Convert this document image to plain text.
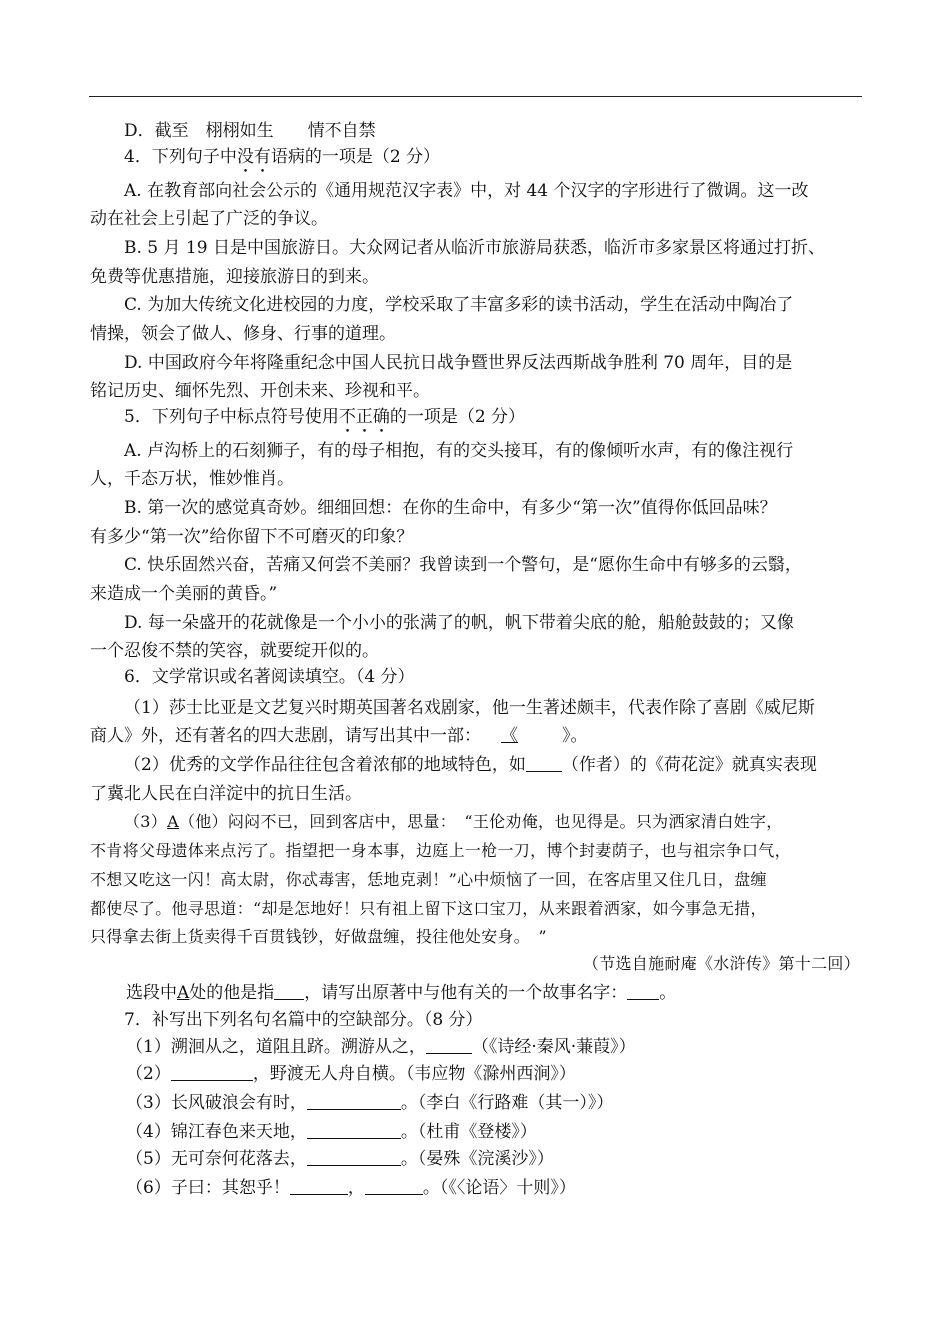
D．截至　栩栩如生　　情不自禁
4．下列句子中没有语病的一项是（2 分）
A. 在教育部向社会公示的《通用规范汉字表》中，对 44 个汉字的字形进行了微调。这一改
动在社会上引起了广泛的争议。
B. 5 月 19 日是中国旅游日。大众网记者从临沂市旅游局获悉，临沂市多家景区将通过打折、
免费等优惠措施，迎接旅游日的到来。
C. 为加大传统文化进校园的力度，学校采取了丰富多彩的读书活动，学生在活动中陶冶了
情操，领会了做人、修身、行事的道理。
D. 中国政府今年将隆重纪念中国人民抗日战争暨世界反法西斯战争胜利 70 周年，目的是
铭记历史、缅怀先烈、开创未来、珍视和平。
5．下列句子中标点符号使用不正确的一项是（2 分）
A. 卢沟桥上的石刻狮子，有的母子相抱，有的交头接耳，有的像倾听水声，有的像注视行
人，千态万状，惟妙惟肖。
B. 第一次的感觉真奇妙。细细回想：在你的生命中，有多少“第一次”值得你低回品味？
有多少“第一次”给你留下不可磨灭的印象？
C. 快乐固然兴奋，苦痛又何尝不美丽？我曾读到一个警句，是“愿你生命中有够多的云翳，
来造成一个美丽的黄昏。”
D. 每一朵盛开的花就像是一个小小的张满了的帆，帆下带着尖底的舱，船舱鼓鼓的；又像
一个忍俊不禁的笑容，就要绽开似的。
6．文学常识或名著阅读填空。（4 分）
（1）莎士比亚是文艺复兴时期英国著名戏剧家，他一生著述颇丰，代表作除了喜剧《威尼斯
商人》外，还有著名的四大悲剧，请写出其中一部： 《	》。
（2）优秀的文学作品往往包含着浓郁的地域特色，如 （作者）的《荷花淀》就真实表现
了冀北人民在白洋淀中的抗日生活。
（3）A（他）闷闷不已，回到客店中，思量：　“王伦劝俺，也见得是。只为洒家清白姓字，
不肯将父母遗体来点污了。指望把一身本事，边庭上一枪一刀，博个封妻荫子，也与祖宗争口气，
不想又吃这一闪！高太尉，你忒毒害，恁地克剥！”心中烦恼了一回，在客店里又住几日，盘缠
都使尽了。他寻思道：“却是怎地好！只有祖上留下这口宝刀，从来跟着洒家，如今事急无措，
只得拿去街上货卖得千百贯钱钞，好做盘缠，投往他处安身。　”
（节选自施耐庵《水浒传》第十二回）
选段中A处的他是指 ，请写出原著中与他有关的一个故事名字： 。
7．补写出下列名句名篇中的空缺部分。（8 分）
（1）溯洄从之，道阻且跻。溯游从之，	（《诗经·秦风·蒹葭》）
（2）	，野渡无人舟自横。（韦应物《滁州西涧》）
（3）长风破浪会有时，	。（李白《行路难（其一）》）
（4）锦江春色来天地，	。（杜甫《登楼》）
（5）无可奈何花落去，	。（晏殊《浣溪沙》）
（6）子曰：其恕乎！	，	。（《〈论语〉十则》）
